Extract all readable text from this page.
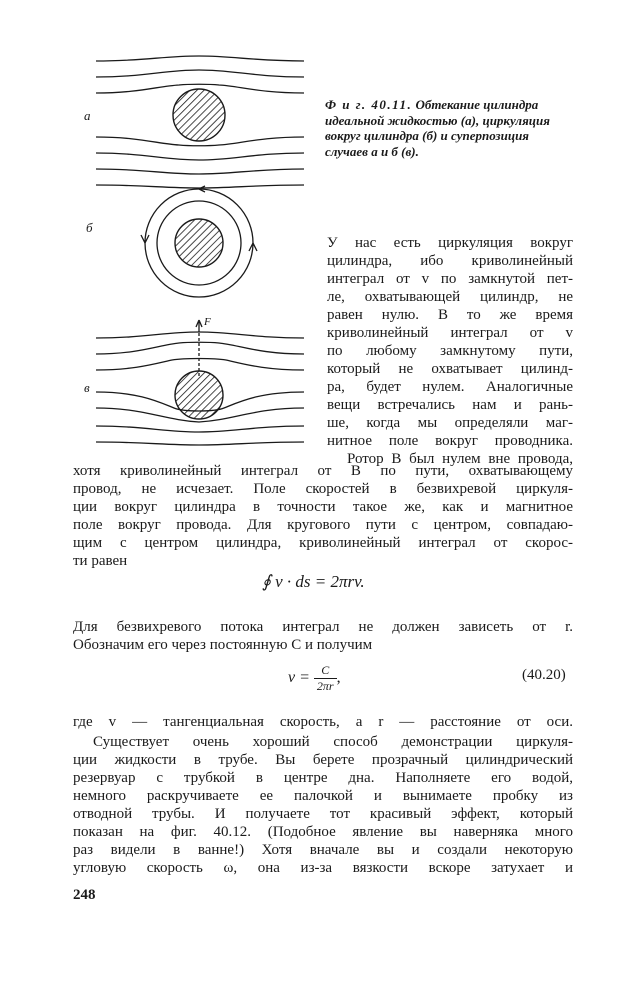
а
б
в
F
Ф и г. 40.11. Обтекание цилиндра идеальной жидкостью (а), циркуляция вокруг цилиндра (б) и суперпозиция случаев а и б (в).
У нас есть циркуляция вокруг
цилиндра, ибо криволинейный
интеграл от v по замкнутой пет-
ле, охватывающей цилиндр, не
равен нулю. В то же время
криволинейный интеграл от v
по любому замкнутому пути,
который не охватывает цилинд-
ра, будет нулем. Аналогичные
вещи встречались нам и рань-
ше, когда мы определяли маг-
нитное поле вокруг проводника.
Ротор B был нулем вне провода,
хотя криволинейный интеграл от B по пути, охватывающему
провод, не исчезает. Поле скоростей в безвихревой циркуля-
ции вокруг цилиндра в точности такое же, как и магнитное
поле вокруг провода. Для кругового пути с центром, совпадаю-
щим с центром цилиндра, криволинейный интеграл от скорос-
ти равен
∮ v · ds = 2πrv.
Для безвихревого потока интеграл не должен зависеть от r.
Обозначим его через постоянную C и получим
$v = \frac{C}{2\pi r}$ ,	(40.20)
где v — тангенциальная скорость, а r — расстояние от оси.
Существует очень хороший способ демонстрации циркуля-
ции жидкости в трубе. Вы берете прозрачный цилиндрический
резервуар с трубкой в центре дна. Наполняете его водой,
немного раскручиваете ее палочкой и вынимаете пробку из
отводной трубы. И получаете тот красивый эффект, который
показан на фиг. 40.12. (Подобное явление вы наверняка много
раз видели в ванне!) Хотя вначале вы и создали некоторую
угловую скорость ω, она из-за вязкости вскоре затухает и
248
